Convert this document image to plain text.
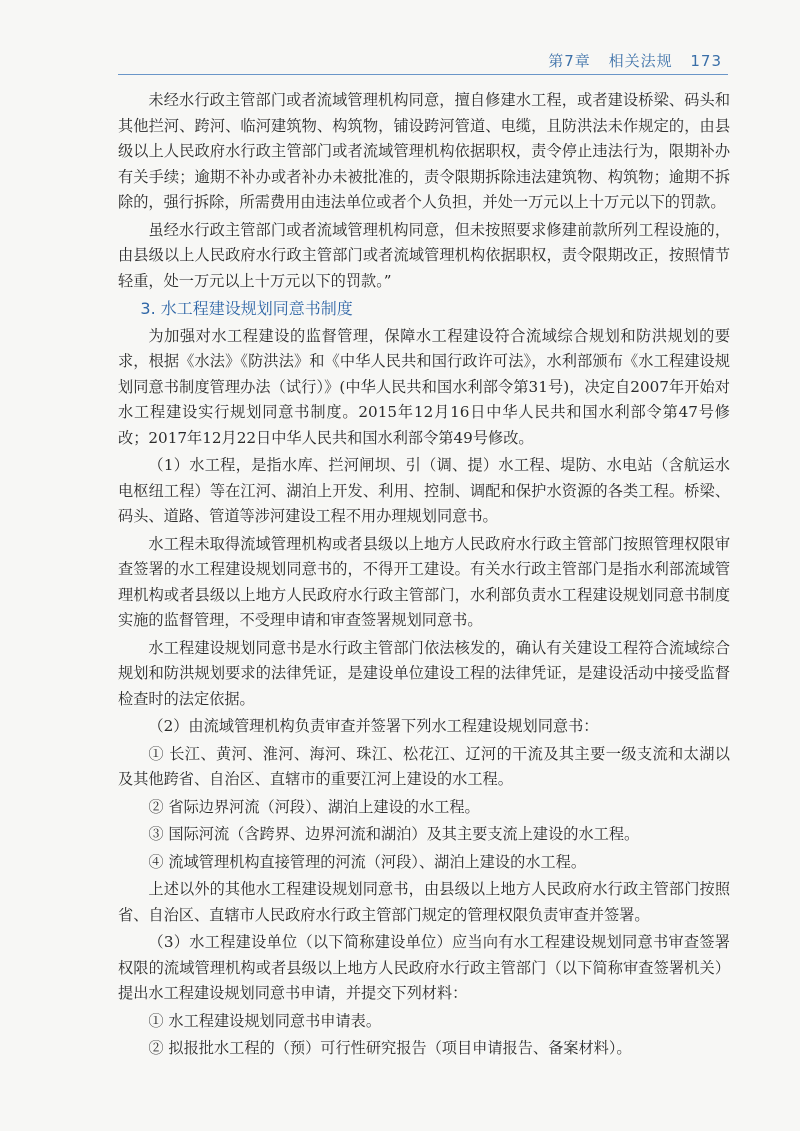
第7章 相关法规 173

未经水行政主管部门或者流域管理机构同意，擅自修建水工程，或者建设桥梁、码头和其他拦河、跨河、临河建筑物、构筑物，铺设跨河管道、电缆，且防洪法未作规定的，由县级以上人民政府水行政主管部门或者流域管理机构依据职权，责令停止违法行为，限期补办有关手续；逾期不补办或者补办未被批准的，责令限期拆除违法建筑物、构筑物；逾期不拆除的，强行拆除，所需费用由违法单位或者个人负担，并处一万元以上十万元以下的罚款。

虽经水行政主管部门或者流域管理机构同意，但未按照要求修建前款所列工程设施的，由县级以上人民政府水行政主管部门或者流域管理机构依据职权，责令限期改正，按照情节轻重，处一万元以上十万元以下的罚款。”

3. 水工程建设规划同意书制度

为加强对水工程建设的监督管理，保障水工程建设符合流域综合规划和防洪规划的要求，根据《水法》《防洪法》和《中华人民共和国行政许可法》，水利部颁布《水工程建设规划同意书制度管理办法（试行）》(中华人民共和国水利部令第31号)，决定自2007年开始对水工程建设实行规划同意书制度。2015年12月16日中华人民共和国水利部令第47号修改；2017年12月22日中华人民共和国水利部令第49号修改。

（1）水工程，是指水库、拦河闸坝、引（调、提）水工程、堤防、水电站（含航运水电枢纽工程）等在江河、湖泊上开发、利用、控制、调配和保护水资源的各类工程。桥梁、码头、道路、管道等涉河建设工程不用办理规划同意书。

水工程未取得流域管理机构或者县级以上地方人民政府水行政主管部门按照管理权限审查签署的水工程建设规划同意书的，不得开工建设。有关水行政主管部门是指水利部流域管理机构或者县级以上地方人民政府水行政主管部门，水利部负责水工程建设规划同意书制度实施的监督管理，不受理申请和审查签署规划同意书。

水工程建设规划同意书是水行政主管部门依法核发的，确认有关建设工程符合流域综合规划和防洪规划要求的法律凭证，是建设单位建设工程的法律凭证，是建设活动中接受监督检查时的法定依据。

（2）由流域管理机构负责审查并签署下列水工程建设规划同意书：

① 长江、黄河、淮河、海河、珠江、松花江、辽河的干流及其主要一级支流和太湖以及其他跨省、自治区、直辖市的重要江河上建设的水工程。

② 省际边界河流（河段）、湖泊上建设的水工程。

③ 国际河流（含跨界、边界河流和湖泊）及其主要支流上建设的水工程。

④ 流域管理机构直接管理的河流（河段）、湖泊上建设的水工程。

上述以外的其他水工程建设规划同意书，由县级以上地方人民政府水行政主管部门按照省、自治区、直辖市人民政府水行政主管部门规定的管理权限负责审查并签署。

（3）水工程建设单位（以下简称建设单位）应当向有水工程建设规划同意书审查签署权限的流域管理机构或者县级以上地方人民政府水行政主管部门（以下简称审查签署机关）提出水工程建设规划同意书申请，并提交下列材料：

① 水工程建设规划同意书申请表。

② 拟报批水工程的（预）可行性研究报告（项目申请报告、备案材料）。
